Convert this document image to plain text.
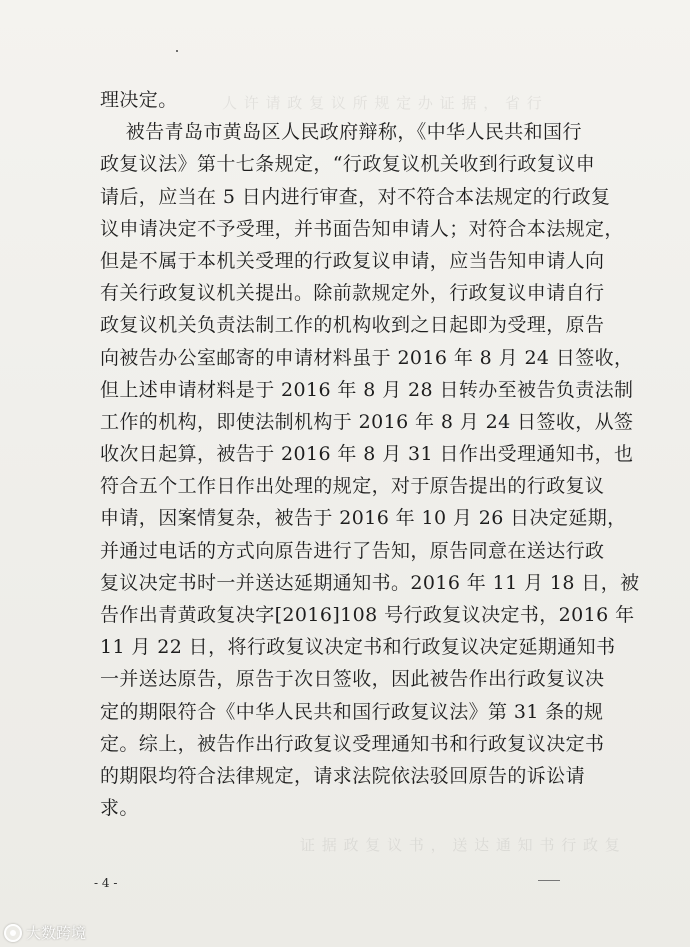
人 许 请 政 复 议 所 规 定 办 证 据 ， 省 行
证 据 政 复 议 书 ， 送 达 通 知 书 行 政 复
理决定。
被告青岛市黄岛区人民政府辩称，《中华人民共和国行
政复议法》第十七条规定，“行政复议机关收到行政复议申
请后，应当在 5 日内进行审查，对不符合本法规定的行政复
议申请决定不予受理，并书面告知申请人；对符合本法规定，
但是不属于本机关受理的行政复议申请，应当告知申请人向
有关行政复议机关提出。除前款规定外，行政复议申请自行
政复议机关负责法制工作的机构收到之日起即为受理，原告
向被告办公室邮寄的申请材料虽于 2016 年 8 月 24 日签收，
但上述申请材料是于 2016 年 8 月 28 日转办至被告负责法制
工作的机构，即使法制机构于 2016 年 8 月 24 日签收，从签
收次日起算，被告于 2016 年 8 月 31 日作出受理通知书，也
符合五个工作日作出处理的规定，对于原告提出的行政复议
申请，因案情复杂，被告于 2016 年 10 月 26 日决定延期，
并通过电话的方式向原告进行了告知，原告同意在送达行政
复议决定书时一并送达延期通知书。2016 年 11 月 18 日，被
告作出青黄政复决字[2016]108 号行政复议决定书，2016 年
11 月 22 日，将行政复议决定书和行政复议决定延期通知书
一并送达原告，原告于次日签收，因此被告作出行政复议决
定的期限符合《中华人民共和国行政复议法》第 31 条的规
定。综上，被告作出行政复议受理通知书和行政复议决定书
的期限均符合法律规定，请求法院依法驳回原告的诉讼请
求。
- 4 -
大数跨境
